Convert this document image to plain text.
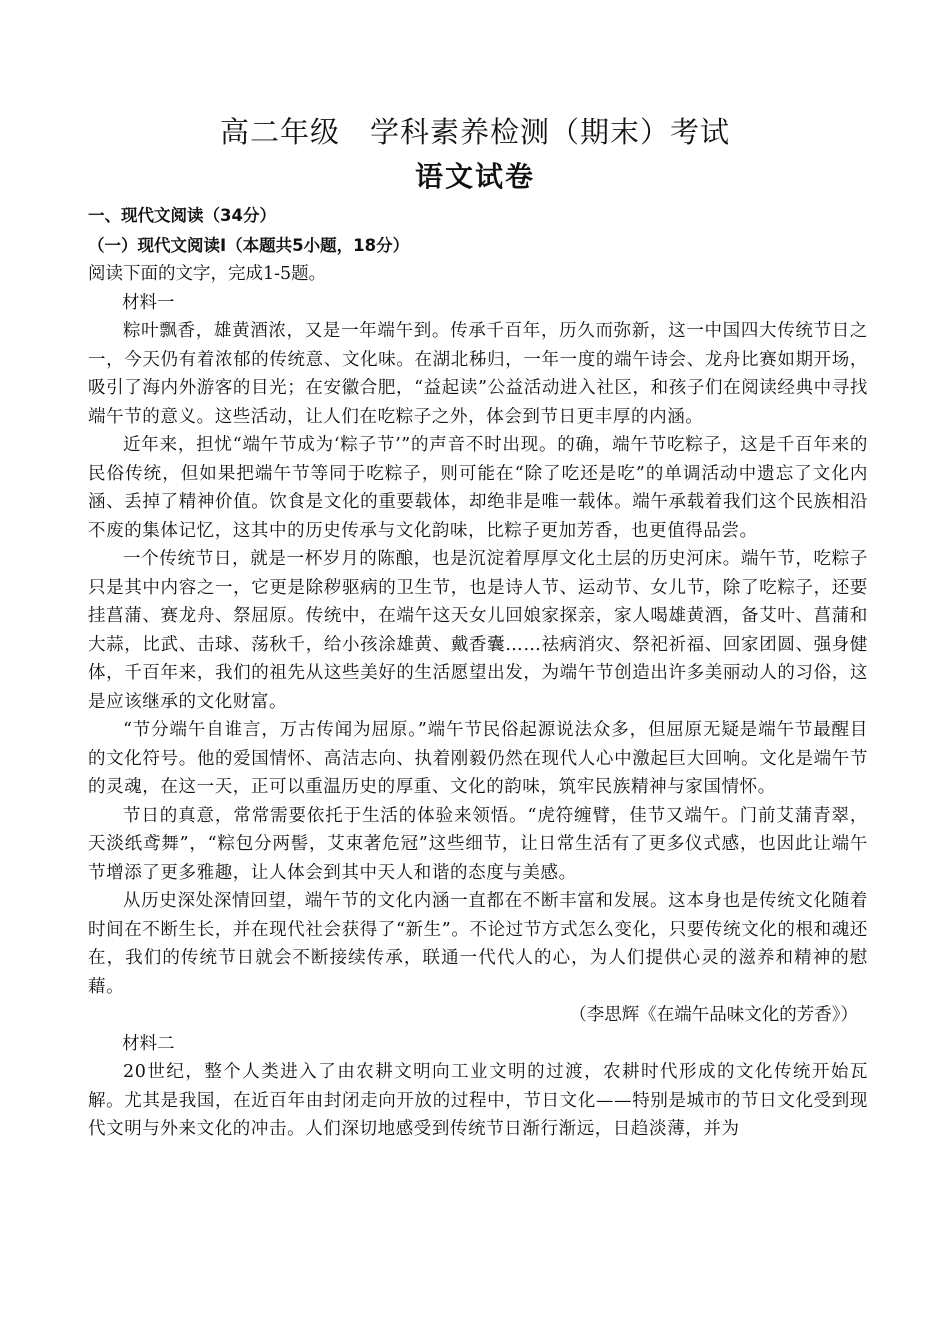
高二年级　学科素养检测（期末）考试
语文试卷

一、现代文阅读（34分）

（一）现代文阅读Ⅰ（本题共5小题，18分）

阅读下面的文字，完成1-5题。

材料一

粽叶飘香，雄黄酒浓，又是一年端午到。传承千百年，历久而弥新，这一中国四大传统节日之一，今天仍有着浓郁的传统意、文化味。在湖北秭归，一年一度的端午诗会、龙舟比赛如期开场，吸引了海内外游客的目光；在安徽合肥，“益起读”公益活动进入社区，和孩子们在阅读经典中寻找端午节的意义。这些活动，让人们在吃粽子之外，体会到节日更丰厚的内涵。

近年来，担忧“端午节成为‘粽子节’”的声音不时出现。的确，端午节吃粽子，这是千百年来的民俗传统，但如果把端午节等同于吃粽子，则可能在“除了吃还是吃”的单调活动中遗忘了文化内涵、丢掉了精神价值。饮食是文化的重要载体，却绝非是唯一载体。端午承载着我们这个民族相沿不废的集体记忆，这其中的历史传承与文化韵味，比粽子更加芳香，也更值得品尝。

一个传统节日，就是一杯岁月的陈酿，也是沉淀着厚厚文化土层的历史河床。端午节，吃粽子只是其中内容之一，它更是除秽驱病的卫生节，也是诗人节、运动节、女儿节，除了吃粽子，还要挂菖蒲、赛龙舟、祭屈原。传统中，在端午这天女儿回娘家探亲，家人喝雄黄酒，备艾叶、菖蒲和大蒜，比武、击球、荡秋千，给小孩涂雄黄、戴香囊……祛病消灾、祭祀祈福、回家团圆、强身健体，千百年来，我们的祖先从这些美好的生活愿望出发，为端午节创造出许多美丽动人的习俗，这是应该继承的文化财富。

“节分端午自谁言，万古传闻为屈原。”端午节民俗起源说法众多，但屈原无疑是端午节最醒目的文化符号。他的爱国情怀、高洁志向、执着刚毅仍然在现代人心中激起巨大回响。文化是端午节的灵魂，在这一天，正可以重温历史的厚重、文化的韵味，筑牢民族精神与家国情怀。

节日的真意，常常需要依托于生活的体验来领悟。“虎符缠臂，佳节又端午。门前艾蒲青翠，天淡纸鸢舞”，“粽包分两髻，艾束著危冠”这些细节，让日常生活有了更多仪式感，也因此让端午节增添了更多雅趣，让人体会到其中天人和谐的态度与美感。

从历史深处深情回望，端午节的文化内涵一直都在不断丰富和发展。这本身也是传统文化随着时间在不断生长，并在现代社会获得了“新生”。不论过节方式怎么变化，只要传统文化的根和魂还在，我们的传统节日就会不断接续传承，联通一代代人的心，为人们提供心灵的滋养和精神的慰藉。

（李思辉《在端午品味文化的芳香》）

材料二

20世纪，整个人类进入了由农耕文明向工业文明的过渡，农耕时代形成的文化传统开始瓦解。尤其是我国，在近百年由封闭走向开放的过程中，节日文化——特别是城市的节日文化受到现代文明与外来文化的冲击。人们深切地感受到传统节日渐行渐远，日趋淡薄，并为
